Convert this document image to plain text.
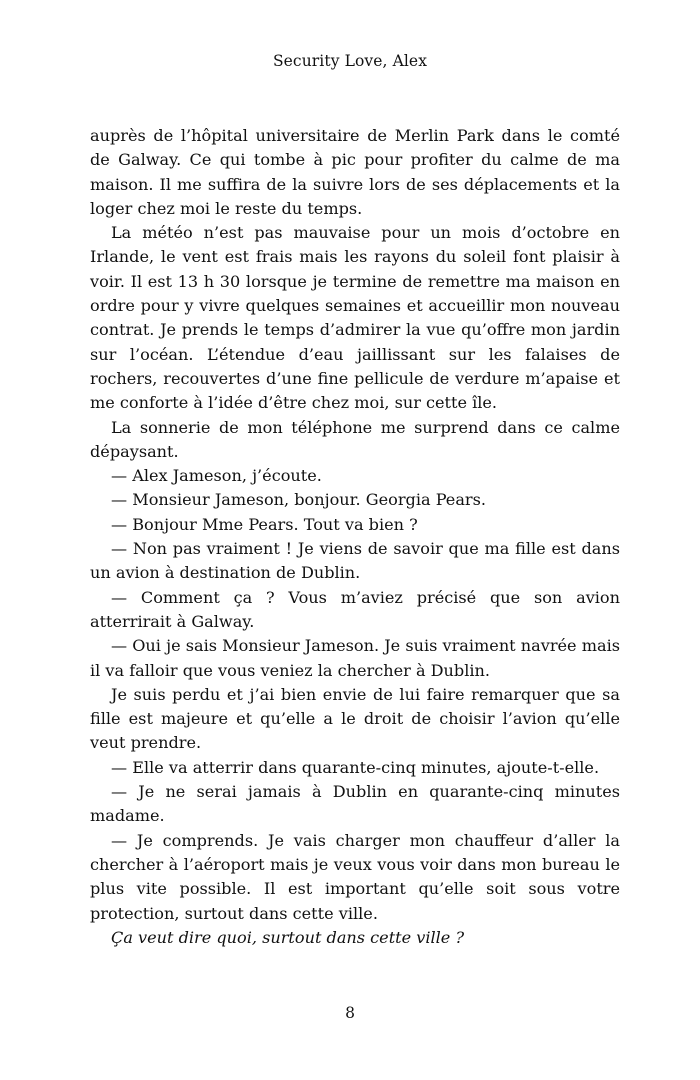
Security Love, Alex

auprès de l’hôpital universitaire de Merlin Park dans le comté de Galway. Ce qui tombe à pic pour profiter du calme de ma maison. Il me suffira de la suivre lors de ses déplacements et la loger chez moi le reste du temps.

La météo n’est pas mauvaise pour un mois d’octobre en Irlande, le vent est frais mais les rayons du soleil font plaisir à voir. Il est 13 h 30 lorsque je termine de remettre ma maison en ordre pour y vivre quelques semaines et accueillir mon nouveau contrat. Je prends le temps d’admirer la vue qu’offre mon jardin sur l’océan. L’étendue d’eau jaillissant sur les falaises de rochers, recouvertes d’une fine pellicule de verdure m’apaise et me conforte à l’idée d’être chez moi, sur cette île.

La sonnerie de mon téléphone me surprend dans ce calme dépaysant.

— Alex Jameson, j’écoute.

— Monsieur Jameson, bonjour. Georgia Pears.

— Bonjour Mme Pears. Tout va bien ?

— Non pas vraiment ! Je viens de savoir que ma fille est dans un avion à destination de Dublin.

— Comment ça ? Vous m’aviez précisé que son avion atterrirait à Galway.

— Oui je sais Monsieur Jameson. Je suis vraiment navrée mais il va falloir que vous veniez la chercher à Dublin.

Je suis perdu et j’ai bien envie de lui faire remarquer que sa fille est majeure et qu’elle a le droit de choisir l’avion qu’elle veut prendre.

— Elle va atterrir dans quarante-cinq minutes, ajoute-t-elle.

— Je ne serai jamais à Dublin en quarante-cinq minutes madame.

— Je comprends. Je vais charger mon chauffeur d’aller la chercher à l’aéroport mais je veux vous voir dans mon bureau le plus vite possible. Il est important qu’elle soit sous votre protection, surtout dans cette ville.

Ça veut dire quoi, surtout dans cette ville ?

8
